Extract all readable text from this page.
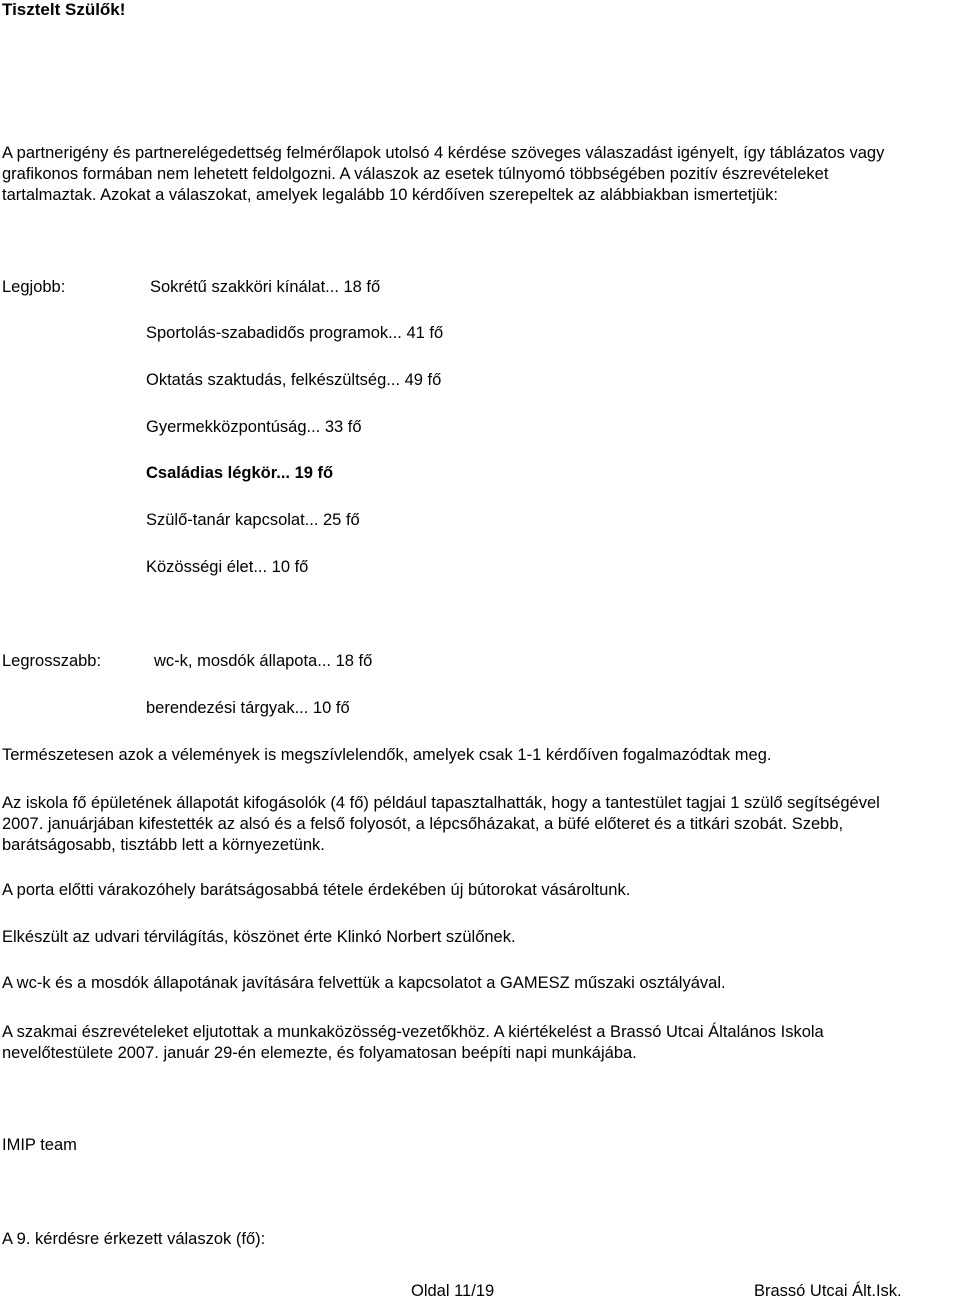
Tisztelt Szülők!
A partnerigény és partnerelégedettség felmérőlapok utolsó 4 kérdése szöveges válaszadást igényelt, így táblázatos vagy
grafikonos formában nem lehetett feldolgozni. A válaszok az esetek túlnyomó többségében pozitív észrevételeket
tartalmaztak. Azokat a válaszokat, amelyek legalább 10 kérdőíven szerepeltek az alábbiakban ismertetjük:
Legjobb:	Sokrétű szakköri kínálat... 18 fő
Sportolás-szabadidős programok... 41 fő
Oktatás szaktudás, felkészültség... 49 fő
Gyermekközpontúság... 33 fő
Családias légkör... 19 fő
Szülő-tanár kapcsolat... 25 fő
Közösségi élet... 10 fő
Legrosszabb:	wc-k, mosdók állapota... 18 fő
berendezési tárgyak... 10 fő
Természetesen azok a vélemények is megszívlelendők, amelyek csak 1-1 kérdőíven fogalmazódtak meg.
Az iskola fő épületének állapotát kifogásolók (4 fő) például tapasztalhatták, hogy a tantestület tagjai 1 szülő segítségével
2007. januárjában kifestették az alsó és a felső folyosót, a lépcsőházakat, a büfé előteret és a titkári szobát. Szebb,
barátságosabb, tisztább lett a környezetünk.
A porta előtti várakozóhely barátságosabbá tétele érdekében új bútorokat vásároltunk.
Elkészült az udvari térvilágítás, köszönet érte Klinkó Norbert szülőnek.
A wc-k és a mosdók állapotának javítására felvettük a kapcsolatot a GAMESZ műszaki osztályával.
A szakmai észrevételeket eljutottak a munkaközösség-vezetőkhöz. A kiértékelést a Brassó Utcai Általános Iskola
nevelőtestülete 2007. január 29-én elemezte, és folyamatosan beépíti napi munkájába.
IMIP team
A 9. kérdésre érkezett válaszok (fő):
Oldal 11/19	Brassó Utcai Ált.Isk.
